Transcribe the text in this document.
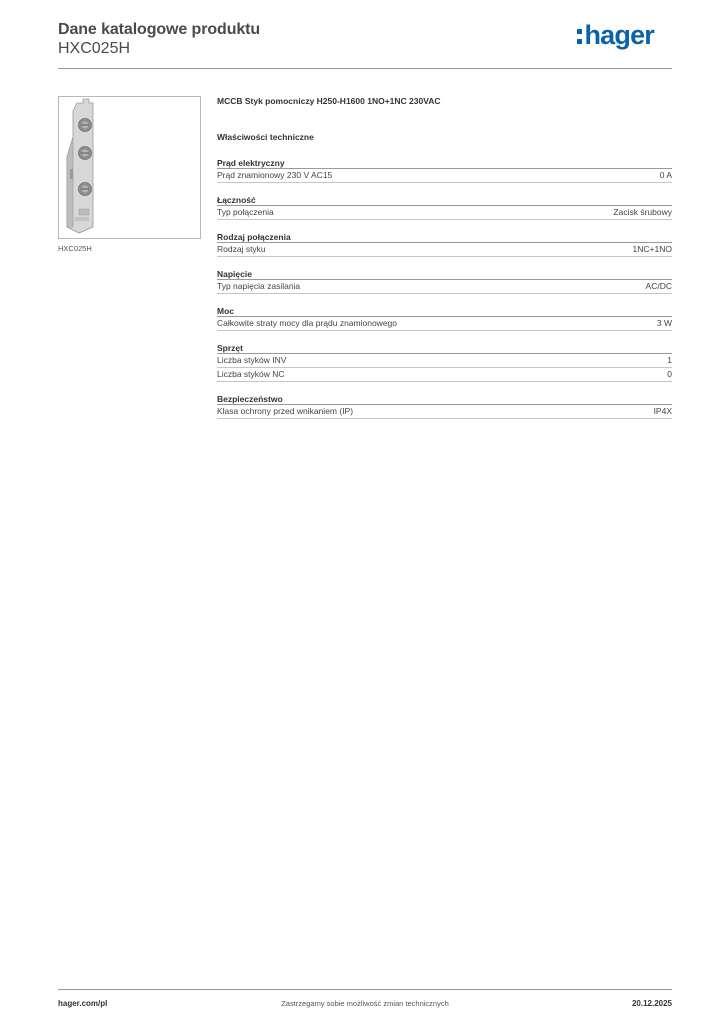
Dane katalogowe produktu
HXC025H	hager
HXC025H
MCCB Styk pomocniczy H250-H1600 1NO+1NC 230VAC
Właściwości techniczne
Prąd elektryczny
Prąd znamionowy 230 V AC15	0 A
Łączność
Typ połączenia	Zacisk śrubowy
Rodzaj połączenia
Rodzaj styku	1NC+1NO
Napięcie
Typ napięcia zasilania	AC/DC
Moc
Całkowite straty mocy dla prądu znamionowego	3 W
Sprzęt
Liczba styków INV	1
Liczba styków NC	0
Bezpieczeństwo
Klasa ochrony przed wnikaniem (IP)	IP4X
hager.com/pl	Zastrzegamy sobie możliwość zmian technicznych	20.12.2025
